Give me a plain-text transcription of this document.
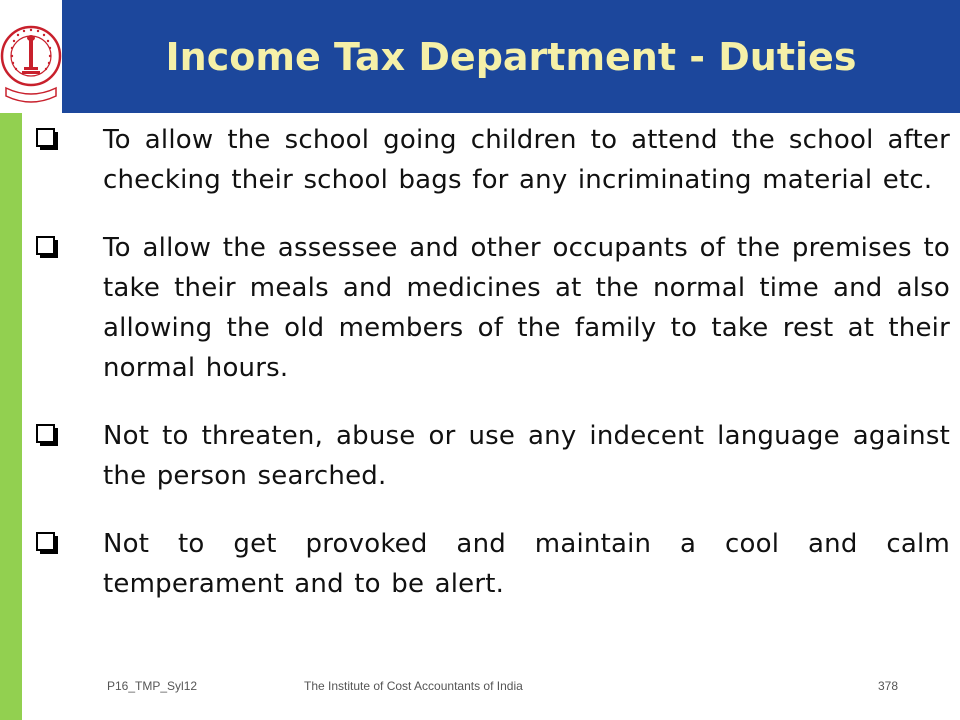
Income Tax Department - Duties
To allow the school going children to attend the school after checking their school bags for any incriminating material etc.
To allow the assessee and other occupants of the premises to take their meals and medicines at the normal time and also allowing the old members of the family to take rest at their normal hours.
Not to threaten, abuse or use any indecent language against the person searched.
Not to get provoked and maintain a cool and calm temperament and to be alert.
P16_TMP_Syl12	The Institute of Cost Accountants of India	378
